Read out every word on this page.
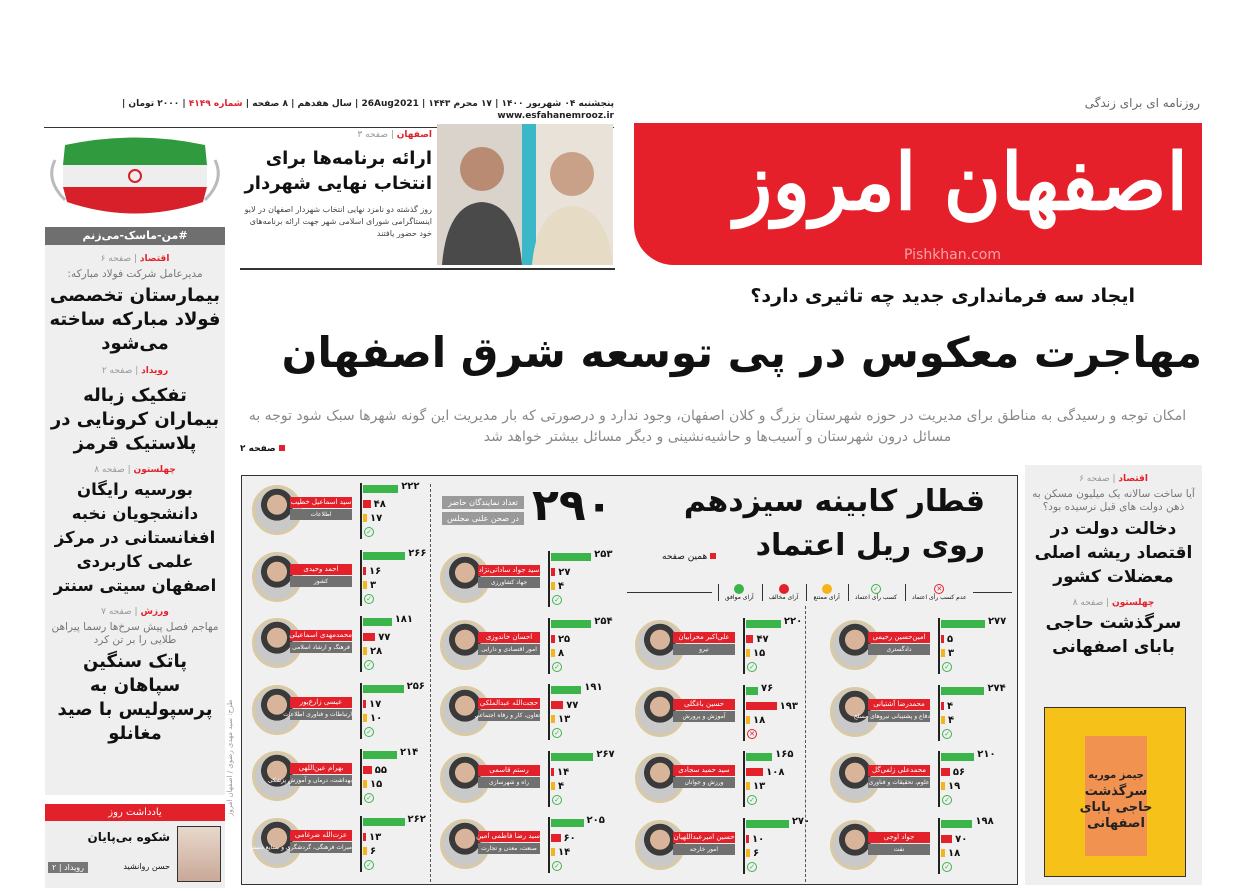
روزنامه ای برای زندگی
پنجشنبه ۰۴ شهریور ۱۴۰۰ | ۱۷ محرم ۱۴۴۳ | 26Aug2021 | سال هفدهم | ۸ صفحه | شماره ۴۱۴۹ | ۲۰۰۰ تومان | www.esfahanemrooz.ir
اصفهان امروز
Pishkhan.com
#من-ماسک-می‌زنم
اقتصاد | صفحه ۶
مدیرعامل شرکت فولاد مبارکه:
بیمارستان تخصصی فولاد مبارکه ساخته می‌شود
رویداد | صفحه ۲
تفکیک زباله بیماران کرونایی در پلاستیک قرمز
چهلستون | صفحه ۸
بورسیه رایگان دانشجویان نخبه افغانستانی در مرکز علمی کاربردی اصفهان سیتی سنتر
ورزش | صفحه ۷
مهاجم فصل پیش سرخ‌ها رسما پیراهن طلایی را بر تن کرد
پاتک سنگین سپاهان به پرسپولیس با صید مغانلو
یادداشت روز
شکوه بی‌پایان
حسن روانشید
رویداد | ۲
اصفهان | صفحه ۳
ارائه برنامه‌ها برای انتخاب نهایی شهردار
روز گذشته دو نامزد نهایی انتخاب شهردار اصفهان در لایو اینستاگرامی شورای اسلامی شهر جهت ارائه برنامه‌های خود حضور یافتند
ایجاد سه فرمانداری جدید چه تاثیری دارد؟
مهاجرت معکوس در پی توسعه شرق اصفهان
امکان توجه و رسیدگی به مناطق برای مدیریت در حوزه شهرستان بزرگ و کلان اصفهان، وجود ندارد و درصورتی که بار مدیریت این گونه شهرها سبک شود توجه به مسائل درون شهرستان و آسیب‌ها و حاشیه‌نشینی و دیگر مسائل بیشتر خواهد شد
صفحه ۲
طرح: سید مهدی رضوی / اصفهان امروز
قطار کابینه سیزدهم
روی ریل اعتماد
همین صفحه
آرای موافق	آرای مخالف	آرای ممتنع
✓
کسب رأی اعتماد
✕
عدم کسب رأی اعتماد
۲۹۰
تعداد نمایندگان حاضر
در صحن علنی مجلس
امین‌حسین رحیمی
دادگستری
۲۷۷
۵
۳
✓
محمدرضا آشتیانی
دفاع و پشتیبانی نیروهای مسلح
۲۷۴
۴
۴
✓
محمدعلی زلفی‌گل
علوم، تحقیقات و فناوری
۲۱۰
۵۶
۱۹
✓
جواد اوجی
نفت
۱۹۸
۷۰
۱۸
✓
علی‌اکبر محرابیان
نیرو
۲۲۰
۴۷
۱۵
✓
حسین باغگلی
آموزش و پرورش
۷۶
۱۹۳
۱۸
✕
سید حمید سجادی
ورزش و جوانان
۱۶۵
۱۰۸
۱۳
✓
حسین امیرعبداللهیان
امور خارجه
۲۷۰
۱۰
۶
✓
سید جواد ساداتی‌نژاد
جهاد کشاورزی
۲۵۳
۲۷
۴
✓
احسان خاندوزی
امور اقتصادی و دارایی
۲۵۴
۲۵
۸
✓
حجت‌الله عبدالملکی
تعاون، کار و رفاه اجتماعی
۱۹۱
۷۷
۱۳
✓
رستم قاسمی
راه و شهرسازی
۲۶۷
۱۴
۴
✓
سید رضا فاطمی امین
صنعت، معدن و تجارت
۲۰۵
۶۰
۱۴
✓
سید اسماعیل خطیب
اطلاعات
۲۲۲
۴۸
۱۷
✓
احمد وحیدی
کشور
۲۶۶
۱۶
۳
✓
محمدمهدی اسماعیلی
فرهنگ و ارشاد اسلامی
۱۸۱
۷۷
۲۸
✓
عیسی زارع‌پور
ارتباطات و فناوری اطلاعات
۲۵۶
۱۷
۱۰
✓
بهرام عین‌اللهی
بهداشت، درمان و آموزش پزشکی
۲۱۴
۵۵
۱۵
✓
عزت‌الله ضرغامی
میراث فرهنگی، گردشگری و صنایع دستی
۲۶۲
۱۳
۶
✓
اقتصاد | صفحه ۶
آیا ساخت سالانه یک میلیون مسکن به ذهن دولت های قبل نرسیده بود؟
دخالت دولت در اقتصاد ریشه اصلی معضلات کشور
چهلستون | صفحه ۸
سرگذشت حاجی بابای اصفهانی
جیمز موریه
سرگذشت حاجی بابای اصفهانی
